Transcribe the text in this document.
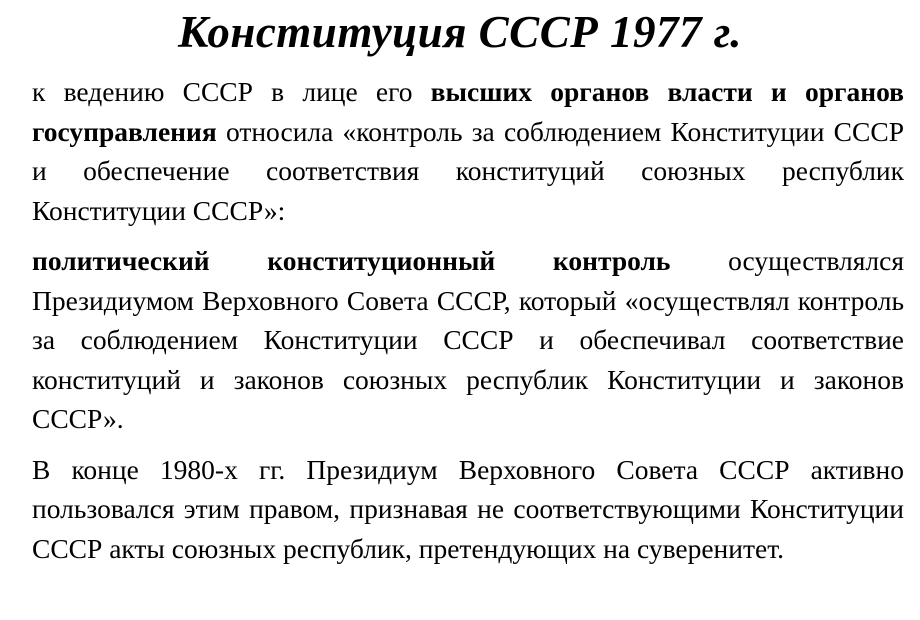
Конституция СССР 1977 г.

к ведению СССР в лице его высших органов власти и органов госуправления относила «контроль за соблюдением Конституции СССР и обеспечение соответствия конституций союзных республик Конституции СССР»:

политический конституционный контроль осуществлялся Президиумом Верховного Совета СССР, который «осуществлял контроль за соблюдением Конституции СССР и обеспечивал соответствие конституций и законов союзных республик Конституции и законов СССР».

В конце 1980-х гг. Президиум Верховного Совета СССР активно пользовался этим правом, признавая не соответствующими Конституции СССР акты союзных республик, претендующих на суверенитет.
